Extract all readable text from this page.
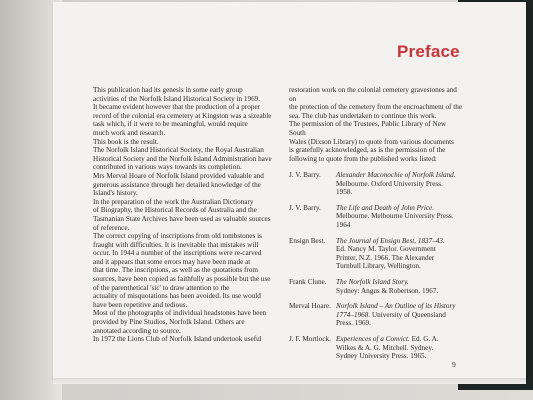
Preface

This publication had its genesis in some early group
activities of the Norfolk Island Historical Society in 1969.
It became evident however that the production of a proper
record of the colonial era cemetery at Kingston was a sizeable
task which, if it were to be meaningful, would require
much work and research.

This book is the result.

The Norfolk Island Historical Society, the Royal Australian
Historical Society and the Norfolk Island Administration have
contributed in various ways towards its completion.

Mrs Merval Hoare of Norfolk Island provided valuable and
generous assistance through her detailed knowledge of the
Island's history.

In the preparation of the work the Australian Dictionary
of Biography, the Historical Records of Australia and the
Tasmanian State Archives have been used as valuable sources
of reference.

The correct copying of inscriptions from old tombstones is
fraught with difficulties. It is inevitable that mistakes will
occur. In 1944 a number of the inscriptions were re-carved
and it appears that some errors may have been made at
that time. The inscriptions, as well as the quotations from
sources, have been copied as faithfully as possible but the use
of the parenthetical 'sic' to draw attention to the
actuality of misquotations has been avoided. Its use would
have been repetitive and tedious.

Most of the photographs of individual headstones have been
provided by Pine Studios, Norfolk Island. Others are
annotated according to source.

In 1972 the Lions Club of Norfolk Island undertook useful

restoration work on the colonial cemetery gravestones and on
the protection of the cemetery from the encroachment of the
sea. The club has undertaken to continue this work.

The permission of the Trustees, Public Library of New South
Wales (Dixson Library) to quote from various documents
is gratefully acknowledged, as is the permission of the
following to quote from the published works listed:

J. V. Barry.	Alexander Maconochie of Norfolk Island.
Melbourne. Oxford University Press.
1958.
J. V. Barry.	The Life and Death of John Price.
Melbourne. Melbourne University Press.
1964
Ensign Best.	The Journal of Ensign Best, 1837–43.
Ed. Nancy M. Taylor. Government
Printer, N.Z. 1966. The Alexander
Turnbull Library, Wellington.
Frank Clune.	The Norfolk Island Story.
Sydney: Angus & Robertson. 1967.
Merval Hoare. Norfolk Island – An Outline of its History
1774–1968. University of Queensland
Press. 1969.
J. F. Mortlock. Experiences of a Convict. Ed. G. A.
Wilkes & A. G. Mitchell. Sydney.
Sydney University Press. 1965.
9
